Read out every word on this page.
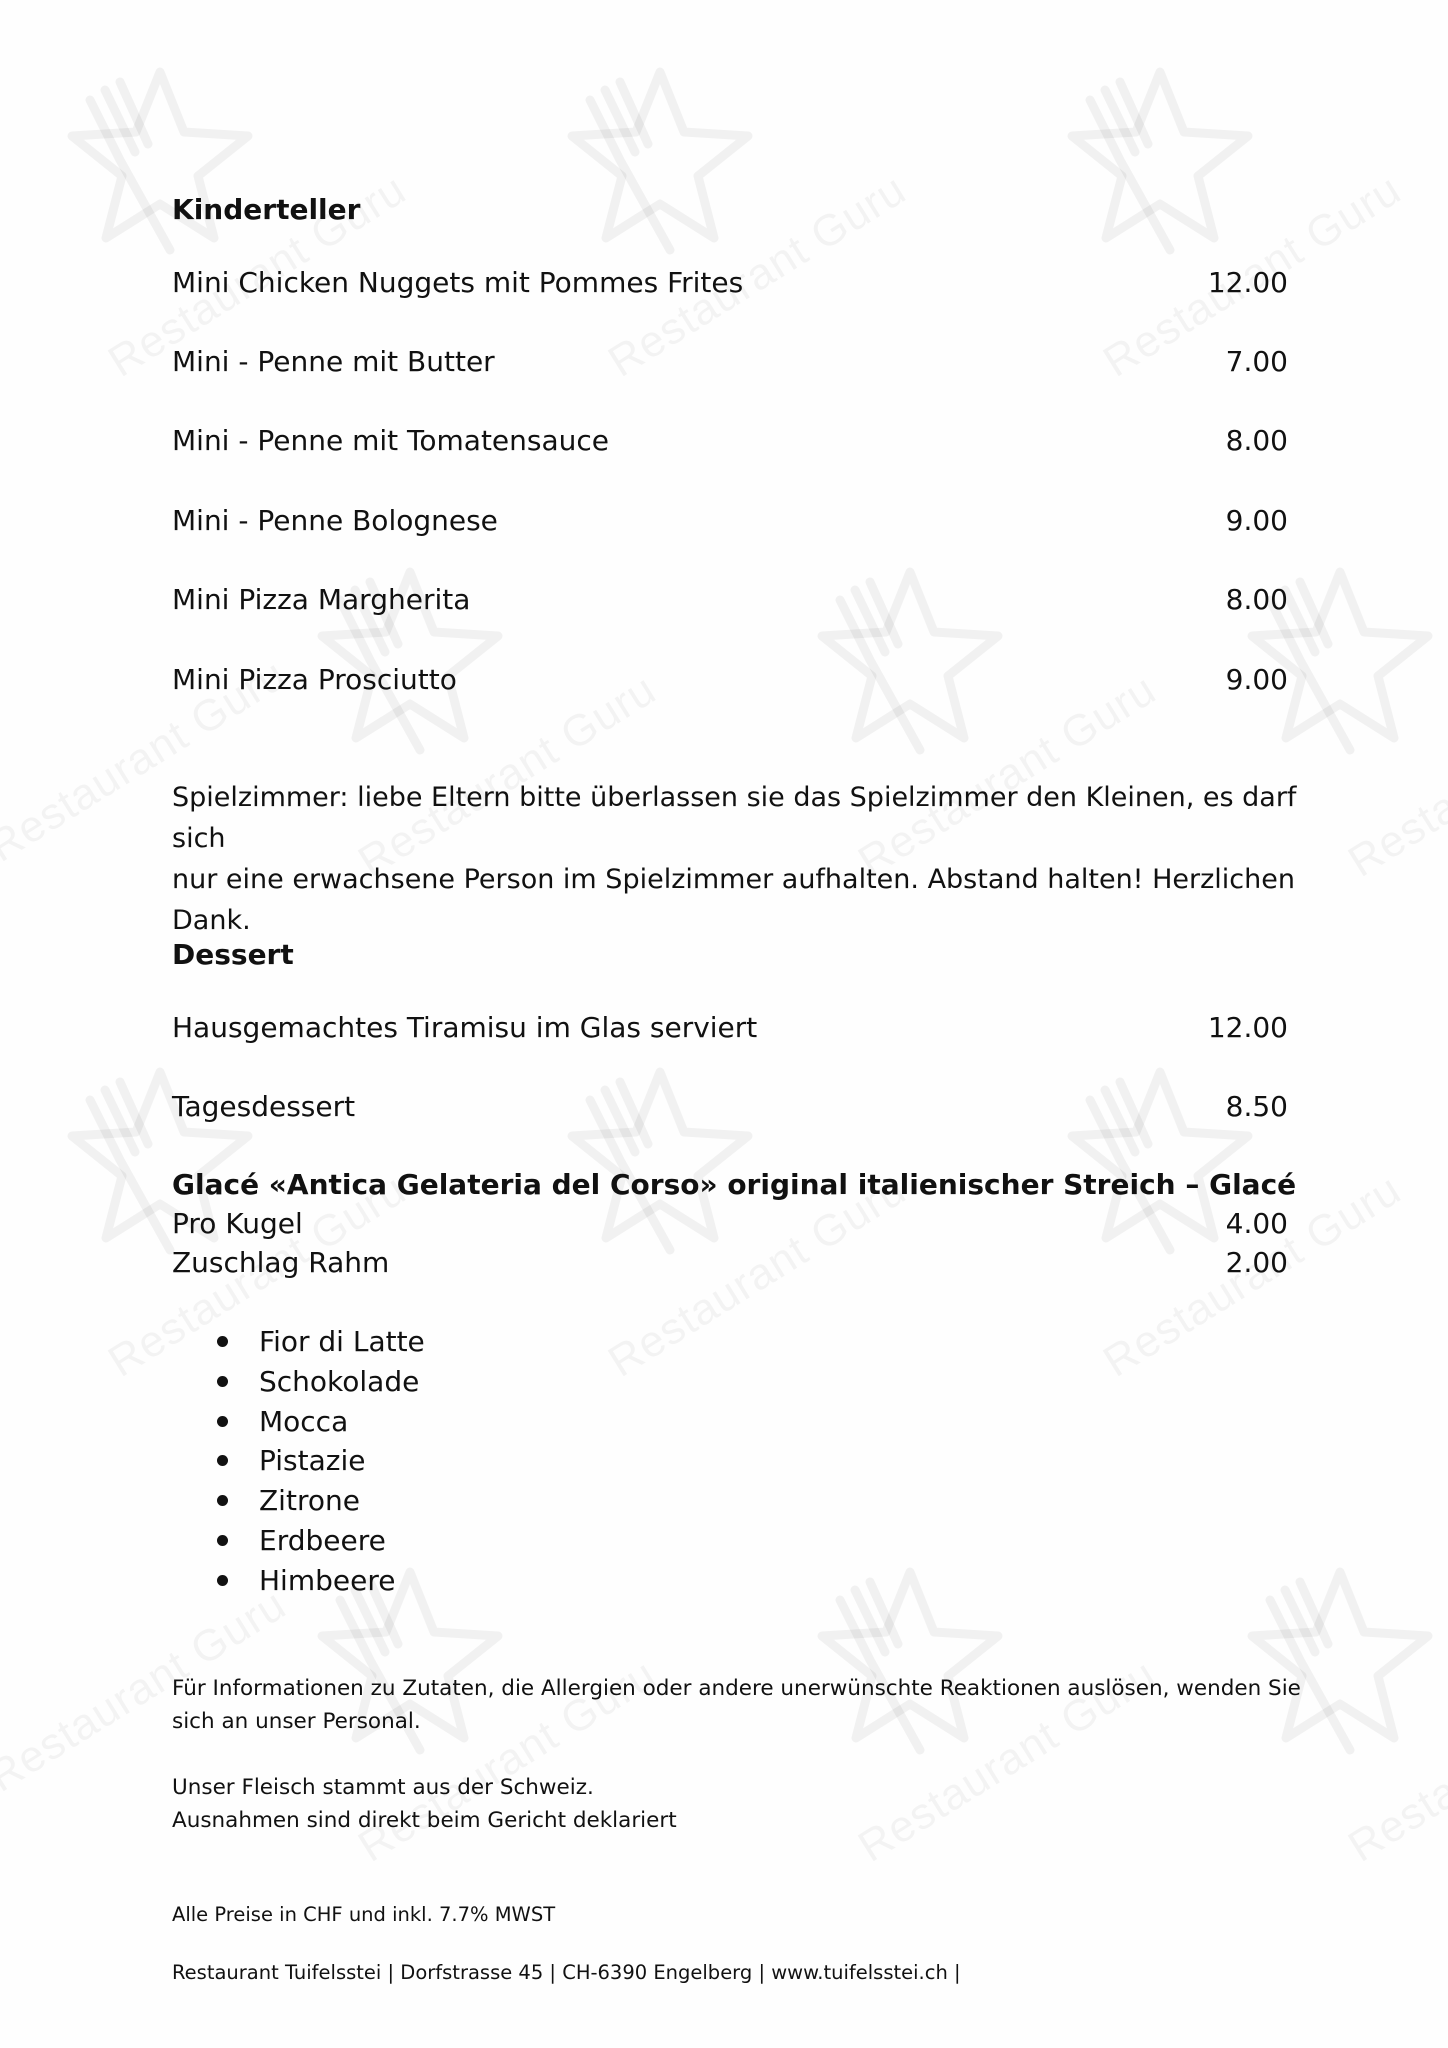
Kinderteller
Mini Chicken Nuggets mit Pommes Frites	12.00
Mini - Penne mit Butter	7.00
Mini - Penne mit Tomatensauce	8.00
Mini - Penne Bolognese	9.00
Mini Pizza Margherita	8.00
Mini Pizza Prosciutto	9.00
Spielzimmer: liebe Eltern bitte überlassen sie das Spielzimmer den Kleinen, es darf sich
nur eine erwachsene Person im Spielzimmer aufhalten. Abstand halten! Herzlichen Dank.
Dessert
Hausgemachtes Tiramisu im Glas serviert	12.00
Tagesdessert	8.50
Glacé «Antica Gelateria del Corso» original italienischer Streich – Glacé
Pro Kugel	4.00
Zuschlag Rahm	2.00
Fior di Latte
Schokolade
Mocca
Pistazie
Zitrone
Erdbeere
Himbeere
Für Informationen zu Zutaten, die Allergien oder andere unerwünschte Reaktionen auslösen, wenden Sie
sich an unser Personal.
Unser Fleisch stammt aus der Schweiz.
Ausnahmen sind direkt beim Gericht deklariert
Alle Preise in CHF und inkl. 7.7% MWST
Restaurant Tuifelsstei | Dorfstrasse 45 | CH-6390 Engelberg | www.tuifelsstei.ch |
